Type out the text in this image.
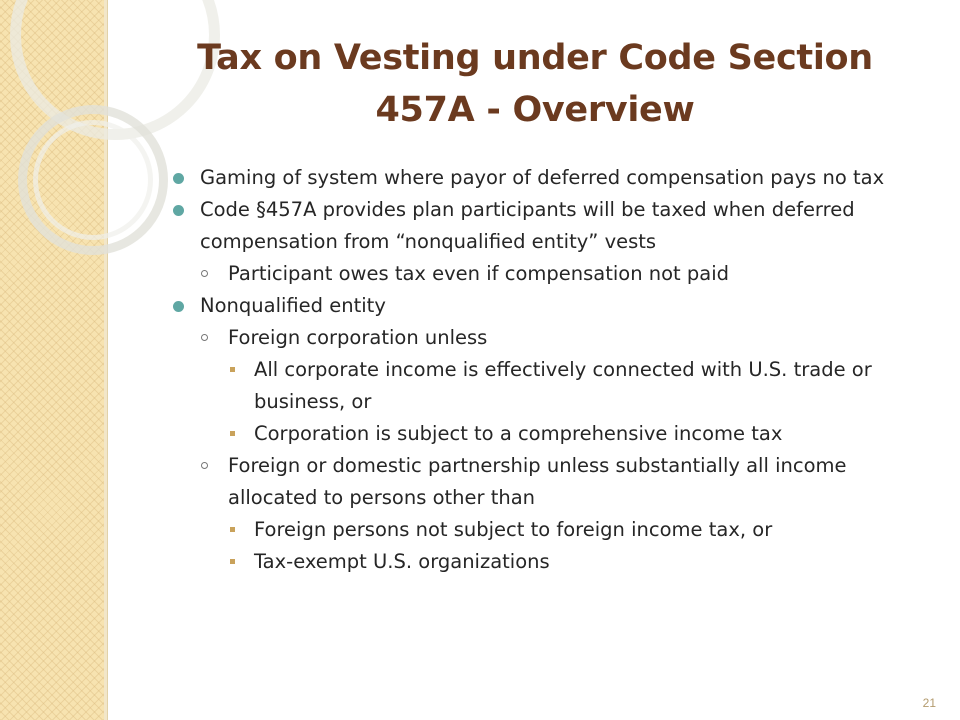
Tax on Vesting under Code Section
457A - Overview
Gaming of system where payor of deferred compensation pays no tax
Code §457A provides plan participants will be taxed when deferred compensation from “nonqualified entity” vests
Participant owes tax even if compensation not paid
Nonqualified entity
Foreign corporation unless
All corporate income is effectively connected with U.S. trade or business, or
Corporation is subject to a comprehensive income tax
Foreign or domestic partnership unless substantially all income allocated to persons other than
Foreign persons not subject to foreign income tax, or
Tax-exempt U.S. organizations
21
